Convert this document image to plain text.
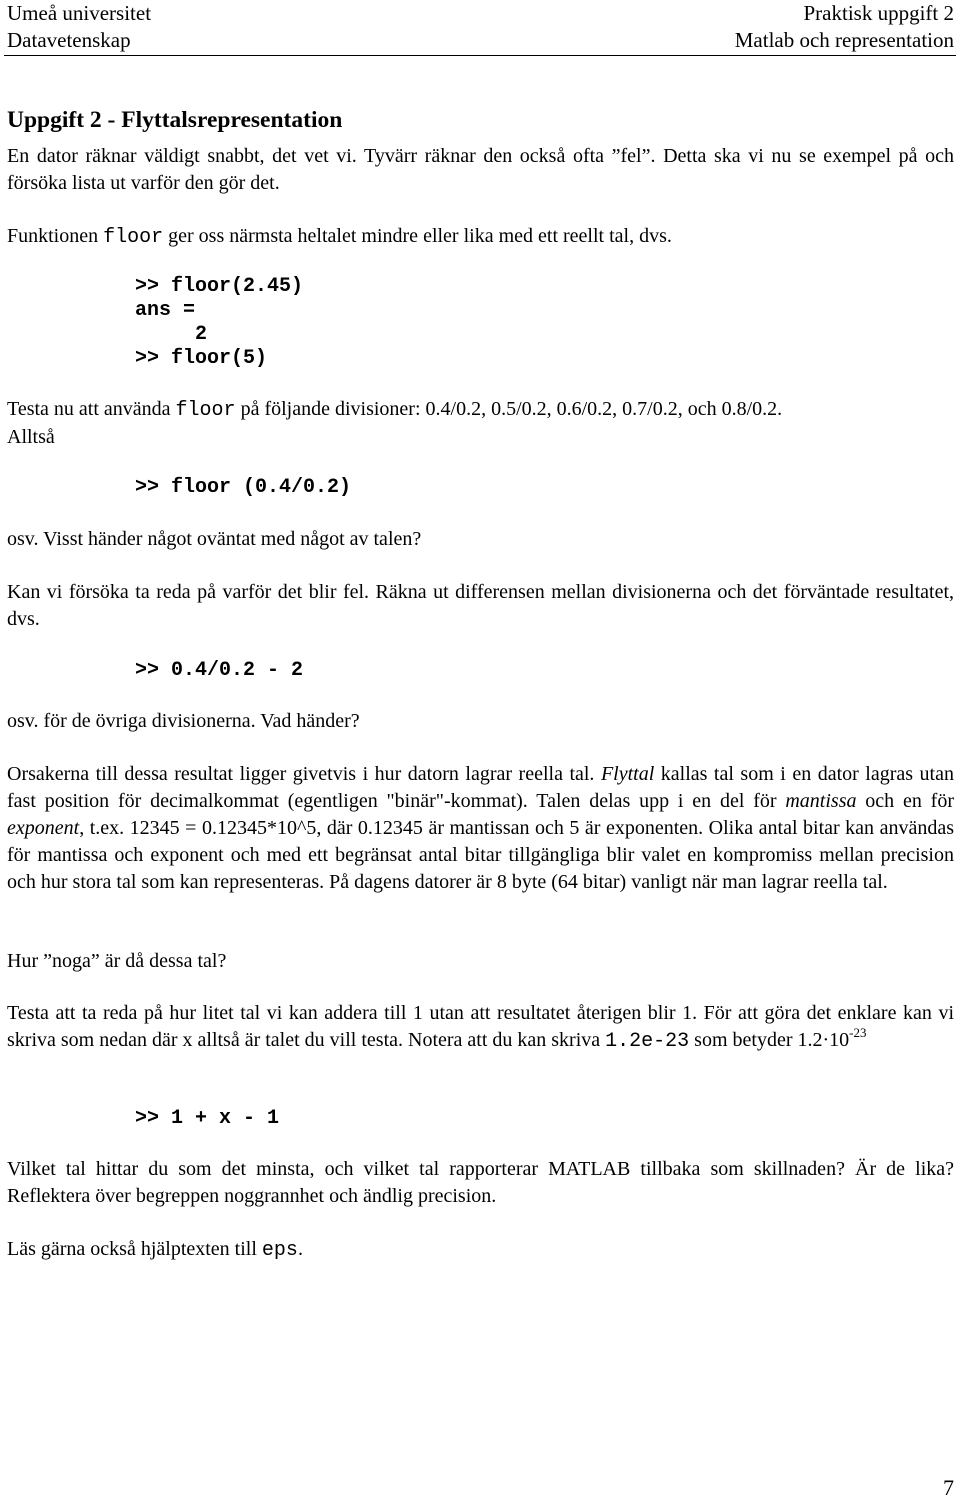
Umeå universitet
Datavetenskap
Praktisk uppgift 2
Matlab och representation
Uppgift 2 - Flyttalsrepresentation

En dator räknar väldigt snabbt, det vet vi. Tyvärr räknar den också ofta ”fel”. Detta ska vi nu se exempel på och försöka lista ut varför den gör det.

Funktionen floor ger oss närmsta heltalet mindre eller lika med ett reellt tal, dvs.

>> floor(2.45)
ans =
2
>> floor(5)
Testa nu att använda floor på följande divisioner: 0.4/0.2, 0.5/0.2, 0.6/0.2, 0.7/0.2, och 0.8/0.2.
Alltså
>> floor (0.4/0.2)

osv. Visst händer något oväntat med något av talen?

Kan vi försöka ta reda på varför det blir fel. Räkna ut differensen mellan divisionerna och det förväntade resultatet, dvs.

>> 0.4/0.2 - 2

osv. för de övriga divisionerna. Vad händer?

Orsakerna till dessa resultat ligger givetvis i hur datorn lagrar reella tal. Flyttal kallas tal som i en dator lagras utan fast position för decimalkommat (egentligen "binär"-kommat). Talen delas upp i en del för mantissa och en för exponent, t.ex. 12345 = 0.12345*10^5, där 0.12345 är mantissan och 5 är exponenten. Olika antal bitar kan användas för mantissa och exponent och med ett begränsat antal bitar tillgängliga blir valet en kompromiss mellan precision och hur stora tal som kan representeras. På dagens datorer är 8 byte (64 bitar) vanligt när man lagrar reella tal.

Hur ”noga” är då dessa tal?

Testa att ta reda på hur litet tal vi kan addera till 1 utan att resultatet återigen blir 1. För att göra det enklare kan vi skriva som nedan där x alltså är talet du vill testa. Notera att du kan skriva 1.2e-23 som betyder $1.2\cdot 10^{-23}$

>> 1 + x - 1

Vilket tal hittar du som det minsta, och vilket tal rapporterar MATLAB tillbaka som skillnaden? Är de lika? Reflektera över begreppen noggrannhet och ändlig precision.

Läs gärna också hjälptexten till eps.

7
